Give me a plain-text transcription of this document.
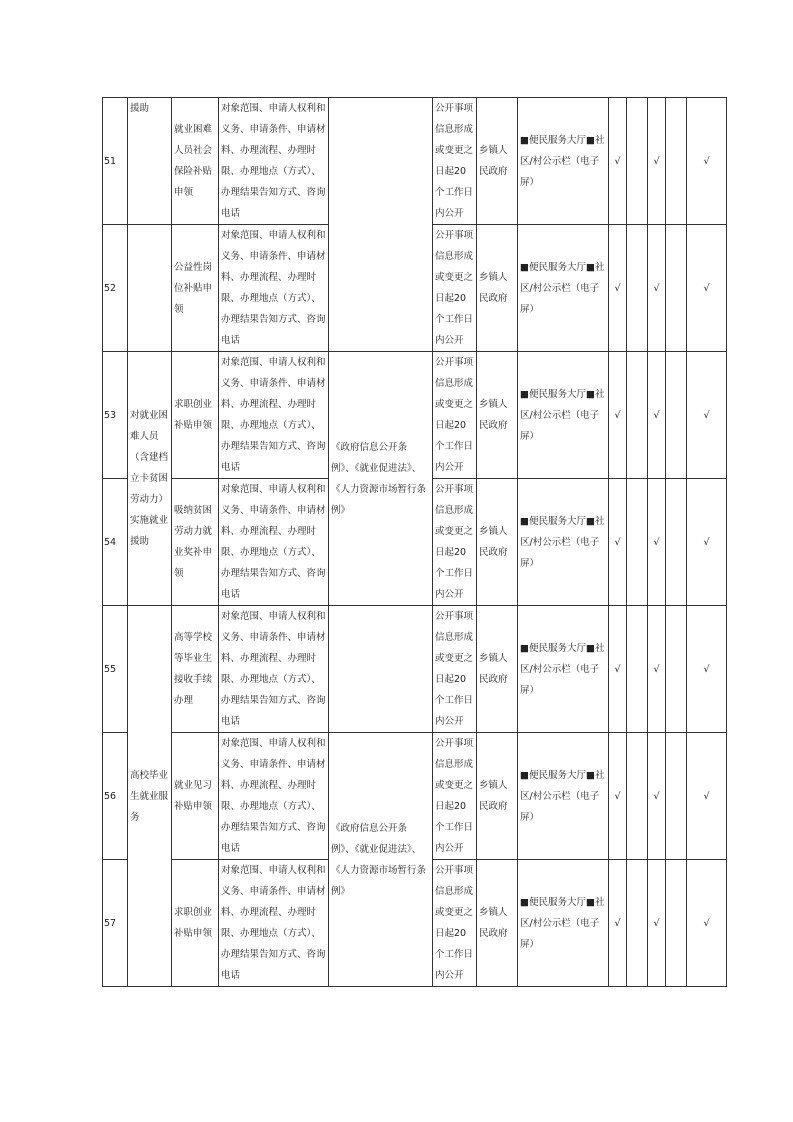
51	援助	就业困难人员社会保险补贴申领	对象范围、申请人权利和义务、申请条件、申请材料、办理流程、办理时限、办理地点（方式）、办理结果告知方式、咨询电话		公开事项信息形成或变更之日起20个工作日内公开	乡镇人民政府	■便民服务大厅■社区/村公示栏（电子屏）	√		√		√
52		公益性岗位补贴申领	对象范围、申请人权利和义务、申请条件、申请材料、办理流程、办理时限、办理地点（方式）、办理结果告知方式、咨询电话		公开事项信息形成或变更之日起20个工作日内公开	乡镇人民政府	■便民服务大厅■社区/村公示栏（电子屏）	√		√		√
53	对就业困难人员（含建档立卡贫困劳动力）实施就业援助	求职创业补贴申领	对象范围、申请人权利和义务、申请条件、申请材料、办理流程、办理时限、办理地点（方式）、办理结果告知方式、咨询电话	《政府信息公开条例》、《就业促进法》、《人力资源市场暂行条例》	公开事项信息形成或变更之日起20个工作日内公开	乡镇人民政府	■便民服务大厅■社区/村公示栏（电子屏）	√		√		√
54		吸纳贫困劳动力就业奖补申领	对象范围、申请人权利和义务、申请条件、申请材料、办理流程、办理时限、办理地点（方式）、办理结果告知方式、咨询电话		公开事项信息形成或变更之日起20个工作日内公开	乡镇人民政府	■便民服务大厅■社区/村公示栏（电子屏）	√		√		√
55	高校毕业生就业服务	高等学校等毕业生接收手续办理	对象范围、申请人权利和义务、申请条件、申请材料、办理流程、办理时限、办理地点（方式）、办理结果告知方式、咨询电话		公开事项信息形成或变更之日起20个工作日内公开	乡镇人民政府	■便民服务大厅■社区/村公示栏（电子屏）	√		√		√
56		就业见习补贴申领	对象范围、申请人权利和义务、申请条件、申请材料、办理流程、办理时限、办理地点（方式）、办理结果告知方式、咨询电话	《政府信息公开条例》、《就业促进法》、《人力资源市场暂行条例》	公开事项信息形成或变更之日起20个工作日内公开	乡镇人民政府	■便民服务大厅■社区/村公示栏（电子屏）	√		√		√
57		求职创业补贴申领	对象范围、申请人权利和义务、申请条件、申请材料、办理流程、办理时限、办理地点（方式）、办理结果告知方式、咨询电话		公开事项信息形成或变更之日起20个工作日内公开	乡镇人民政府	■便民服务大厅■社区/村公示栏（电子屏）	√		√		√
